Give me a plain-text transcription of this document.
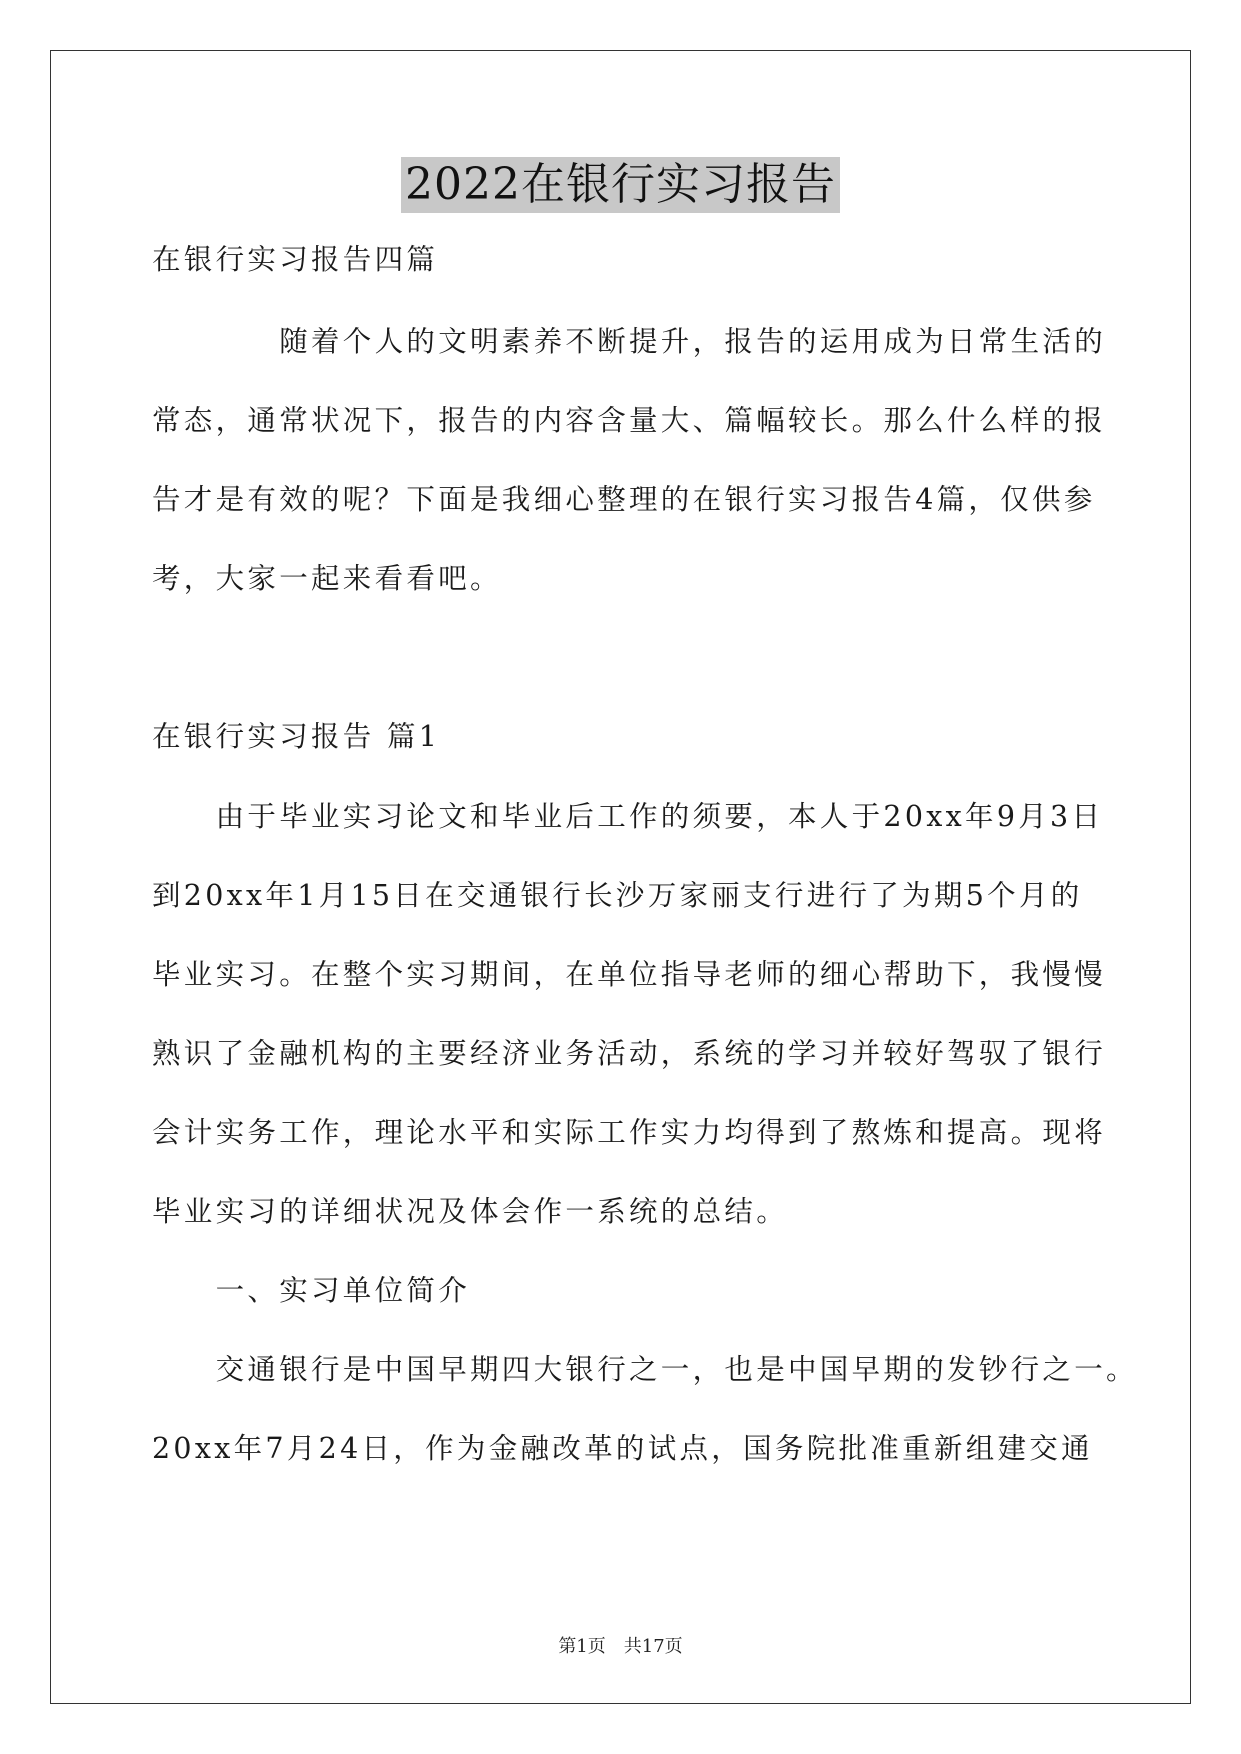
2022在银行实习报告
在银行实习报告四篇
　　　　随着个人的文明素养不断提升，报告的运用成为日常生活的
常态，通常状况下，报告的内容含量大、篇幅较长。那么什么样的报
告才是有效的呢？下面是我细心整理的在银行实习报告4篇，仅供参
考，大家一起来看看吧。
在银行实习报告 篇1
　　由于毕业实习论文和毕业后工作的须要，本人于20xx年9月3日
到20xx年1月15日在交通银行长沙万家丽支行进行了为期5个月的
毕业实习。在整个实习期间，在单位指导老师的细心帮助下，我慢慢
熟识了金融机构的主要经济业务活动，系统的学习并较好驾驭了银行
会计实务工作，理论水平和实际工作实力均得到了熬炼和提高。现将
毕业实习的详细状况及体会作一系统的总结。
　　一、实习单位简介
　　交通银行是中国早期四大银行之一，也是中国早期的发钞行之一。
20xx年7月24日，作为金融改革的试点，国务院批准重新组建交通
第1页　共17页
